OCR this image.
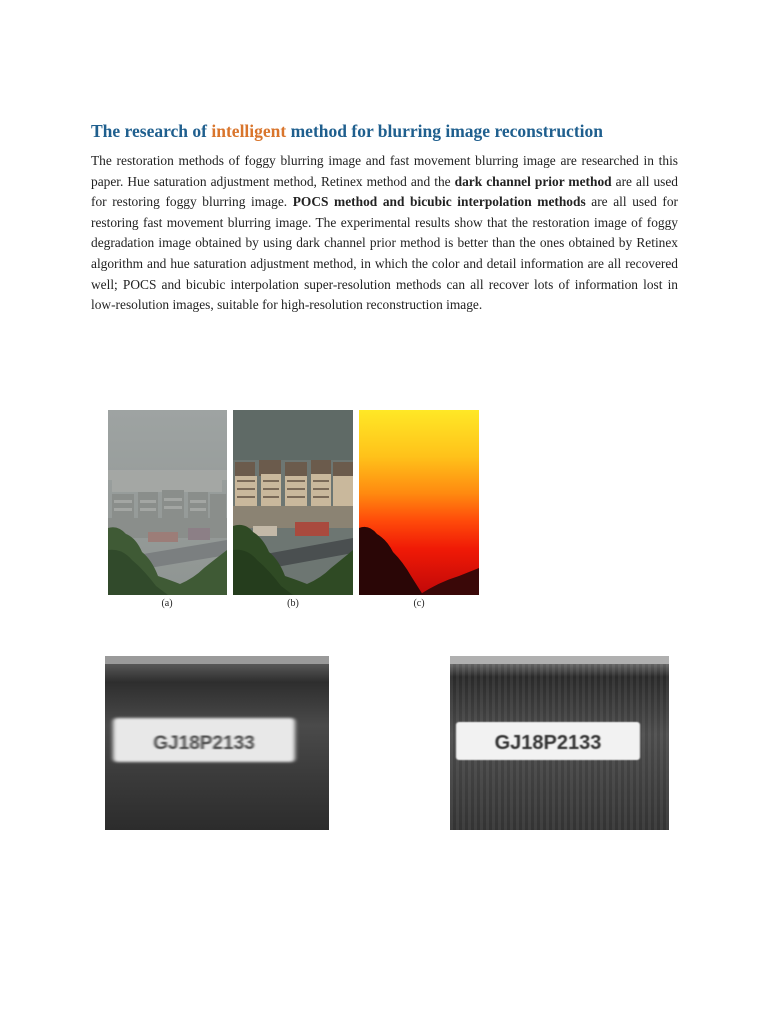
The research of intelligent method for blurring image reconstruction

The restoration methods of foggy blurring image and fast movement blurring image are researched in this paper. Hue saturation adjustment method, Retinex method and the dark channel prior method are all used for restoring foggy blurring image. POCS method and bicubic interpolation methods are all used for restoring fast movement blurring image. The experimental results show that the restoration image of foggy degradation image obtained by using dark channel prior method is better than the ones obtained by Retinex algorithm and hue saturation adjustment method, in which the color and detail information are all recovered well; POCS and bicubic interpolation super-resolution methods can all recover lots of information lost in low-resolution images, suitable for high-resolution reconstruction image.

(a)	(b)	(c)
GJ18P2133	GJ18P2133
